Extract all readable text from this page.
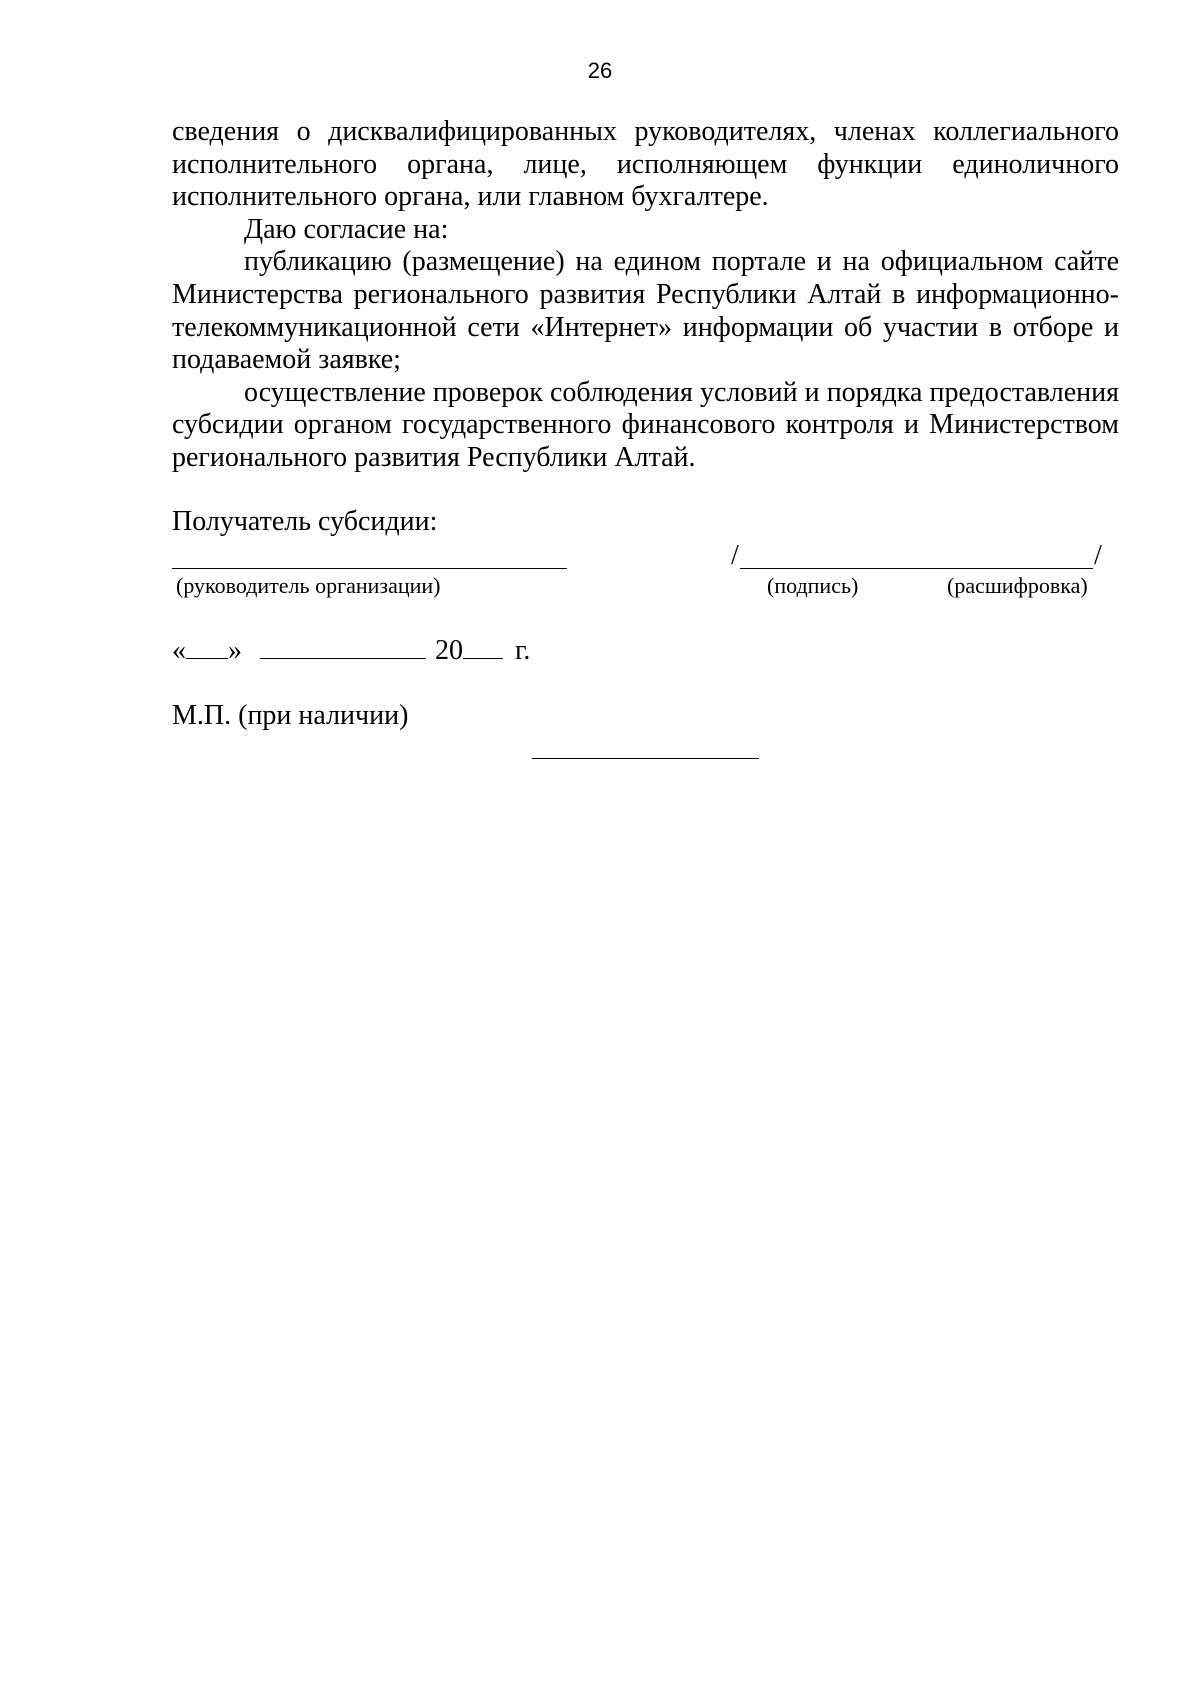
26

сведения о дисквалифицированных руководителях, членах коллегиального исполнительного органа, лице, исполняющем функции единоличного исполнительного органа, или главном бухгалтере.

Даю согласие на:

публикацию (размещение) на едином портале и на официальном сайте Министерства регионального развития Республики Алтай в информационно-телекоммуникационной сети «Интернет» информации об участии в отборе и подаваемой заявке;

осуществление проверок соблюдения условий и порядка предоставления субсидии органом государственного финансового контроля и Министерством регионального развития Республики Алтай.

Получатель субсидии:
(руководитель организации)
/	/
(подпись)	(расшифровка)
« »	20 г.
М.П. (при наличии)
